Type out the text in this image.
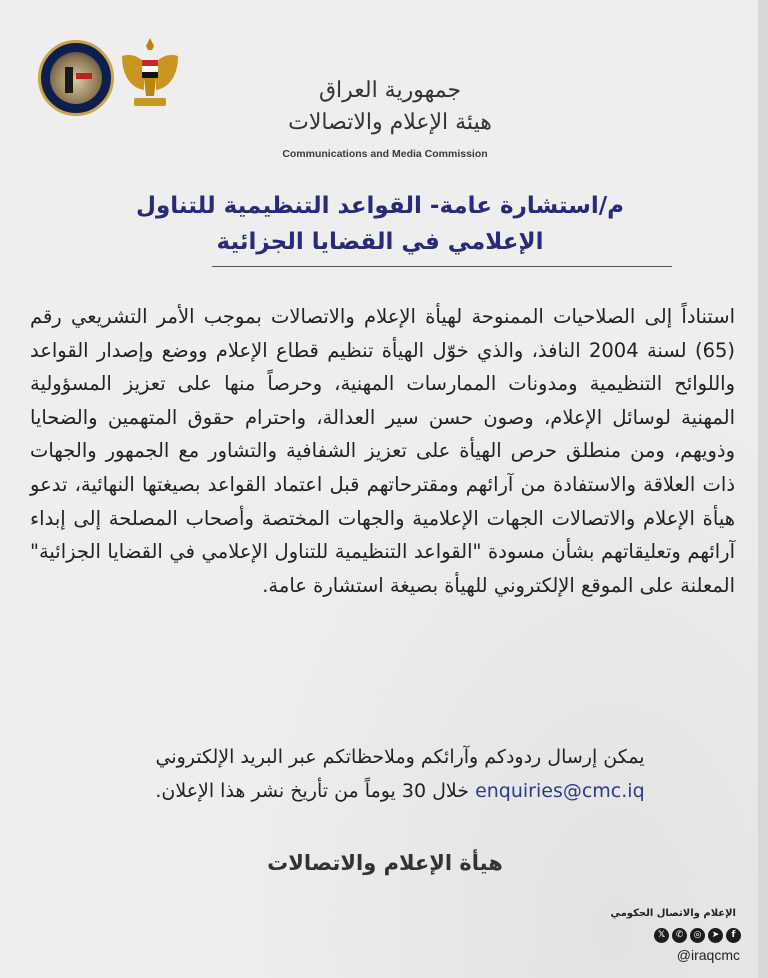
جمهورية العراق
هيئة الإعلام والاتصالات
Communications and Media Commission
م/استشارة عامة- القواعد التنظيمية للتناول
الإعلامي في القضايا الجزائية
استناداً إلى الصلاحيات الممنوحة لهيأة الإعلام والاتصالات بموجب الأمر التشريعي رقم (65) لسنة 2004 النافذ، والذي خوّل الهيأة تنظيم قطاع الإعلام ووضع وإصدار القواعد واللوائح التنظيمية ومدونات الممارسات المهنية، وحرصاً منها على تعزيز المسؤولية المهنية لوسائل الإعلام، وصون حسن سير العدالة، واحترام حقوق المتهمين والضحايا وذويهم، ومن منطلق حرص الهيأة على تعزيز الشفافية والتشاور مع الجمهور والجهات ذات العلاقة والاستفادة من آرائهم ومقترحاتهم قبل اعتماد القواعد بصيغتها النهائية، تدعو هيأة الإعلام والاتصالات الجهات الإعلامية والجهات المختصة وأصحاب المصلحة إلى إبداء آرائهم وتعليقاتهم بشأن مسودة "القواعد التنظيمية للتناول الإعلامي في القضايا الجزائية" المعلنة على الموقع الإلكتروني للهيأة بصيغة استشارة عامة.
يمكن إرسال ردودكم وآرائكم وملاحظاتكم عبر البريد الإلكتروني
enquiries@cmc.iq خلال 30 يوماً من تأريخ نشر هذا الإعلان.
هيأة الإعلام والاتصالات
الإعلام والاتصال الحكومي
𝕏	✆	◎	➤	f
@iraqcmc
